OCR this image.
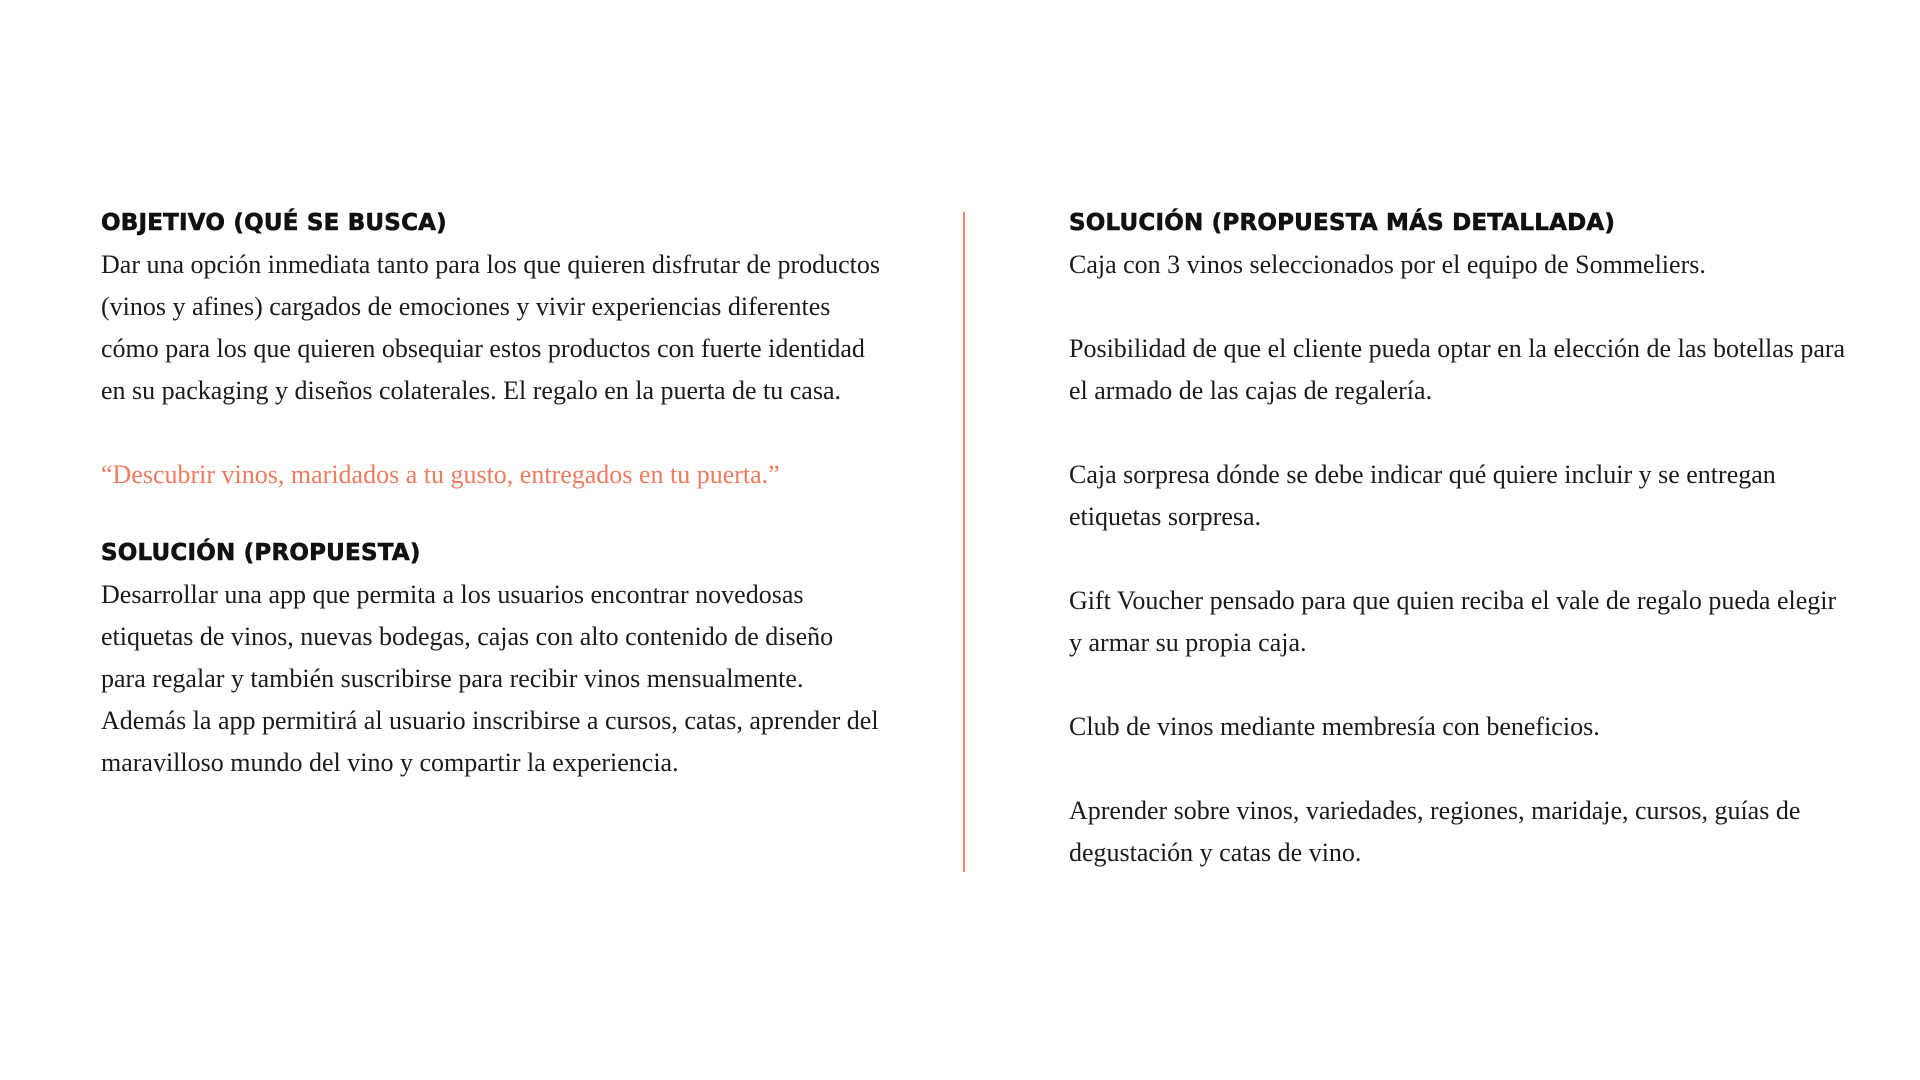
OBJETIVO (QUÉ SE BUSCA)

Dar una opción inmediata tanto para los que quieren disfrutar de productos (vinos y afines) cargados de emociones y vivir experiencias diferentes cómo para los que quieren obsequiar estos productos con fuerte identidad en su packaging y diseños colaterales. El regalo en la puerta de tu casa.

“Descubrir vinos, maridados a tu gusto, entregados en tu puerta.”

SOLUCIÓN (PROPUESTA)

Desarrollar una app que permita a los usuarios encontrar novedosas etiquetas de vinos, nuevas bodegas, cajas con alto contenido de diseño para regalar y también suscribirse para recibir vinos mensualmente. Además la app permitirá al usuario inscribirse a cursos, catas, aprender del maravilloso mundo del vino y compartir la experiencia.

SOLUCIÓN (PROPUESTA MÁS DETALLADA)

Caja con 3 vinos seleccionados por el equipo de Sommeliers.

Posibilidad de que el cliente pueda optar en la elección de las botellas para el armado de las cajas de regalería.

Caja sorpresa dónde se debe indicar qué quiere incluir y se entregan etiquetas sorpresa.

Gift Voucher pensado para que quien reciba el vale de regalo pueda elegir y armar su propia caja.

Club de vinos mediante membresía con beneficios.

Aprender sobre vinos, variedades, regiones, maridaje, cursos, guías de degustación y catas de vino.
